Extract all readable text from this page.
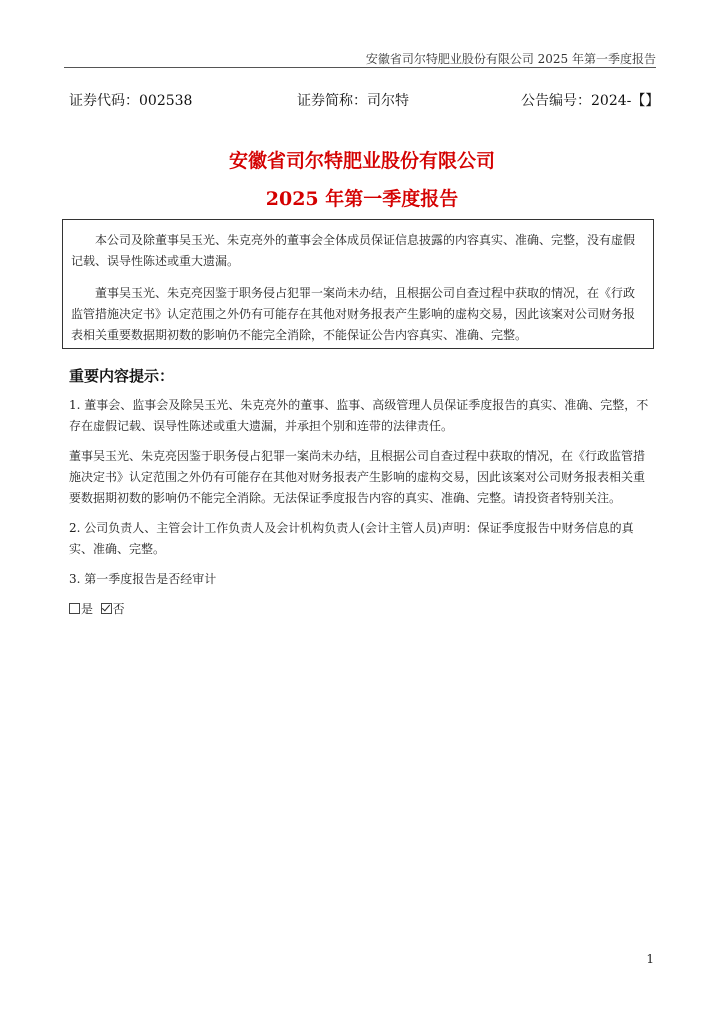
安徽省司尔特肥业股份有限公司 2025 年第一季度报告
证券代码：002538	证券简称：司尔特	公告编号：2024-【】
安徽省司尔特肥业股份有限公司
2025 年第一季度报告

本公司及除董事吴玉光、朱克亮外的董事会全体成员保证信息披露的内容真实、准确、完整，没有虚假记载、误导性陈述或重大遗漏。

董事吴玉光、朱克亮因鉴于职务侵占犯罪一案尚未办结，且根据公司自查过程中获取的情况，在《行政监管措施决定书》认定范围之外仍有可能存在其他对财务报表产生影响的虚构交易，因此该案对公司财务报表相关重要数据期初数的影响仍不能完全消除，不能保证公告内容真实、准确、完整。

重要内容提示：

1. 董事会、监事会及除吴玉光、朱克亮外的董事、监事、高级管理人员保证季度报告的真实、准确、完整，不存在虚假记载、误导性陈述或重大遗漏，并承担个别和连带的法律责任。

董事吴玉光、朱克亮因鉴于职务侵占犯罪一案尚未办结，且根据公司自查过程中获取的情况，在《行政监管措施决定书》认定范围之外仍有可能存在其他对财务报表产生影响的虚构交易，因此该案对公司财务报表相关重要数据期初数的影响仍不能完全消除。无法保证季度报告内容的真实、准确、完整。请投资者特别关注。

2. 公司负责人、主管会计工作负责人及会计机构负责人(会计主管人员)声明：保证季度报告中财务信息的真实、准确、完整。

3. 第一季度报告是否经审计

是 否

1
